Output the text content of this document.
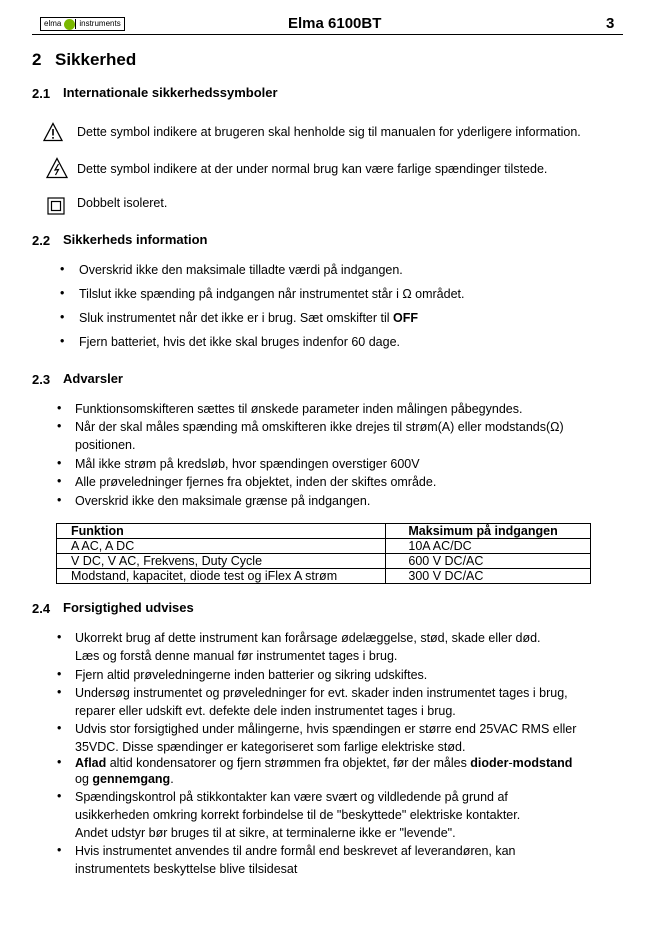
elma	instruments	Elma 6100BT	3
2 Sikkerhed
2.1 Internationale sikkerhedssymboler
Dette symbol indikere at brugeren skal henholde sig til manualen for yderligere information.
Dette symbol indikere at der under normal brug kan være farlige spændinger tilstede.
Dobbelt isoleret.
2.2 Sikkerheds information
• Overskrid ikke den maksimale tilladte værdi på indgangen.
• Tilslut ikke spænding på indgangen når instrumentet står i Ω området.
• Sluk instrumentet når det ikke er i brug. Sæt omskifter til OFF
• Fjern batteriet, hvis det ikke skal bruges indenfor 60 dage.
2.3 Advarsler
• Funktionsomskifteren sættes til ønskede parameter inden målingen påbegyndes.
• Når der skal måles spænding må omskifteren ikke drejes til strøm(A) eller modstands(Ω)
positionen.
• Mål ikke strøm på kredsløb, hvor spændingen overstiger 600V
• Alle prøveledninger fjernes fra objektet, inden der skiftes område.
• Overskrid ikke den maksimale grænse på indgangen.
Funktion	Maksimum på indgangen
A AC, A DC	10A AC/DC
V DC, V AC, Frekvens, Duty Cycle	600 V DC/AC
Modstand, kapacitet, diode test og iFlex A strøm	300 V DC/AC
2.4 Forsigtighed udvises
• Ukorrekt brug af dette instrument kan forårsage ødelæggelse, stød, skade eller død.
Læs og forstå denne manual før instrumentet tages i brug.
• Fjern altid prøveledningerne inden batterier og sikring udskiftes.
• Undersøg instrumentet og prøveledninger for evt. skader inden instrumentet tages i brug,
reparer eller udskift evt. defekte dele inden instrumentet tages i brug.
• Udvis stor forsigtighed under målingerne, hvis spændingen er større end 25VAC RMS eller
35VDC. Disse spændinger er kategoriseret som farlige elektriske stød.
• Aflad altid kondensatorer og fjern strømmen fra objektet, før der måles dioder-modstand
og gennemgang.
• Spændingskontrol på stikkontakter kan være svært og vildledende på grund af
usikkerheden omkring korrekt forbindelse til de "beskyttede" elektriske kontakter.
Andet udstyr bør bruges til at sikre, at terminalerne ikke er "levende".
• Hvis instrumentet anvendes til andre formål end beskrevet af leverandøren, kan
instrumentets beskyttelse blive tilsidesat
